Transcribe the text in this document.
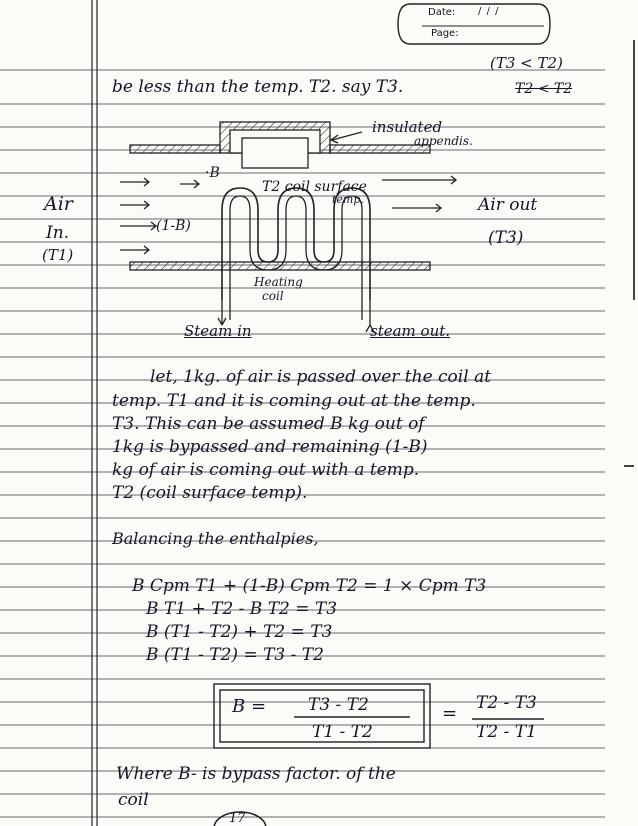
Date: / / /
Page:
(T3 < T2)
be less than the temp. T2. say T3.	T2 < T2
insulated
appendis.
·B
T2 coil surface
temp.
(1-B)
Air
In.
(T1)
Air out
(T3)
Heating
coil
Steam in	steam out.
let, 1kg. of air is passed over the coil at
temp. T1 and it is coming out at the temp.
T3. This can be assumed B kg out of
1kg is bypassed and remaining (1-B)
kg of air is coming out with a temp.
T2 (coil surface temp).
Balancing the enthalpies,
B Cpm T1 + (1-B) Cpm T2 = 1 × Cpm T3
B T1 + T2 - B T2 = T3
B (T1 - T2) + T2 = T3
B (T1 - T2) = T3 - T2
B = T3 - T2
T1 - T2
= T2 - T3
T2 - T1
Where B- is bypass factor. of the
coil
17
